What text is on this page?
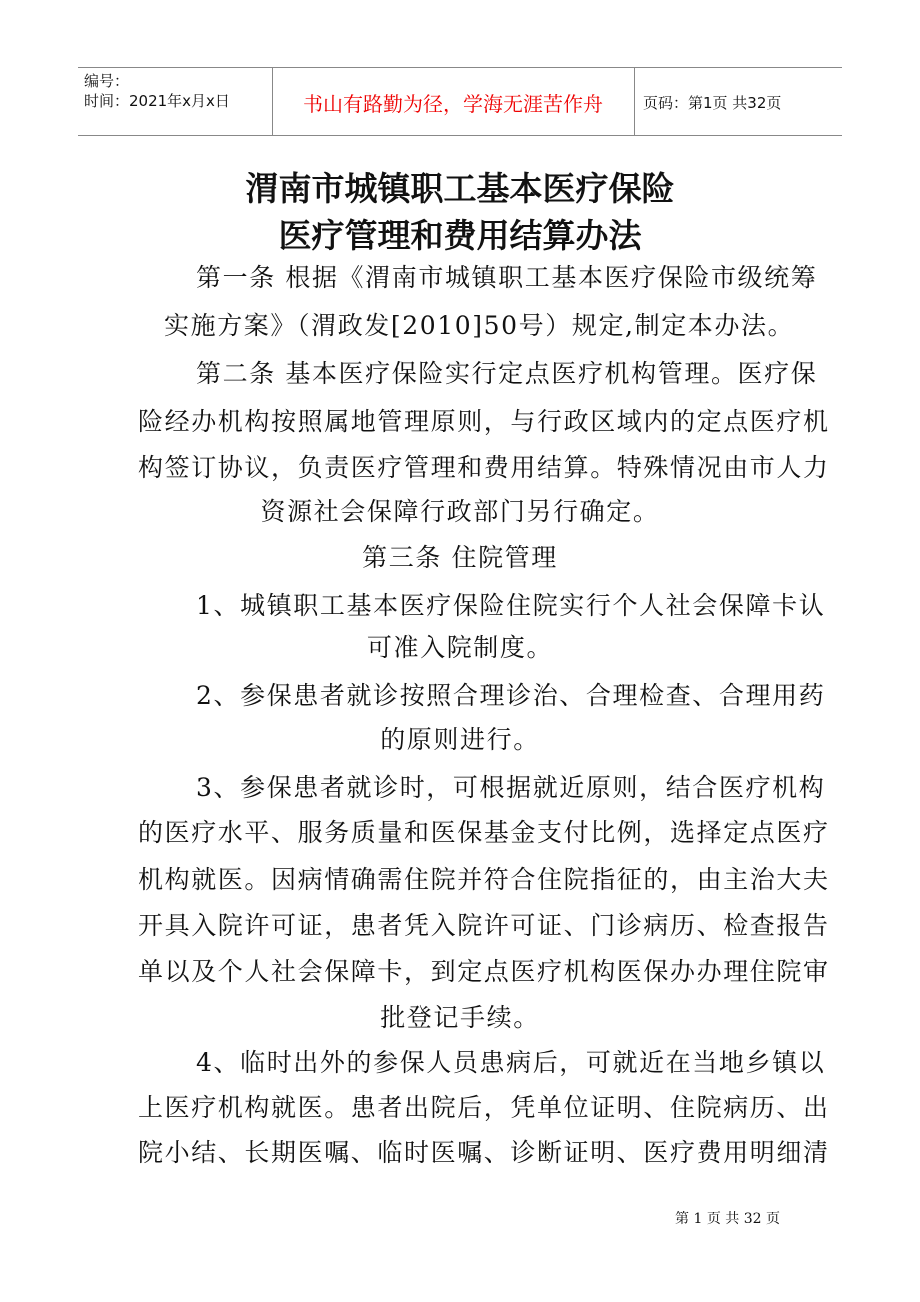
编号：
时间：2021年x月x日	书山有路勤为径，学海无涯苦作舟	页码：第1页 共32页
渭南市城镇职工基本医疗保险
医疗管理和费用结算办法
第一条 根据《渭南市城镇职工基本医疗保险市级统筹
实施方案》（渭政发[2010]50号）规定,制定本办法。
第二条 基本医疗保险实行定点医疗机构管理。医疗保
险经办机构按照属地管理原则，与行政区域内的定点医疗机
构签订协议，负责医疗管理和费用结算。特殊情况由市人力
资源社会保障行政部门另行确定。
第三条 住院管理
1、城镇职工基本医疗保险住院实行个人社会保障卡认
可准入院制度。
2、参保患者就诊按照合理诊治、合理检查、合理用药
的原则进行。
3、参保患者就诊时，可根据就近原则，结合医疗机构
的医疗水平、服务质量和医保基金支付比例，选择定点医疗
机构就医。因病情确需住院并符合住院指征的，由主治大夫
开具入院许可证，患者凭入院许可证、门诊病历、检查报告
单以及个人社会保障卡，到定点医疗机构医保办办理住院审
批登记手续。
4、临时出外的参保人员患病后，可就近在当地乡镇以
上医疗机构就医。患者出院后，凭单位证明、住院病历、出
院小结、长期医嘱、临时医嘱、诊断证明、医疗费用明细清
第 1 页 共 32 页
